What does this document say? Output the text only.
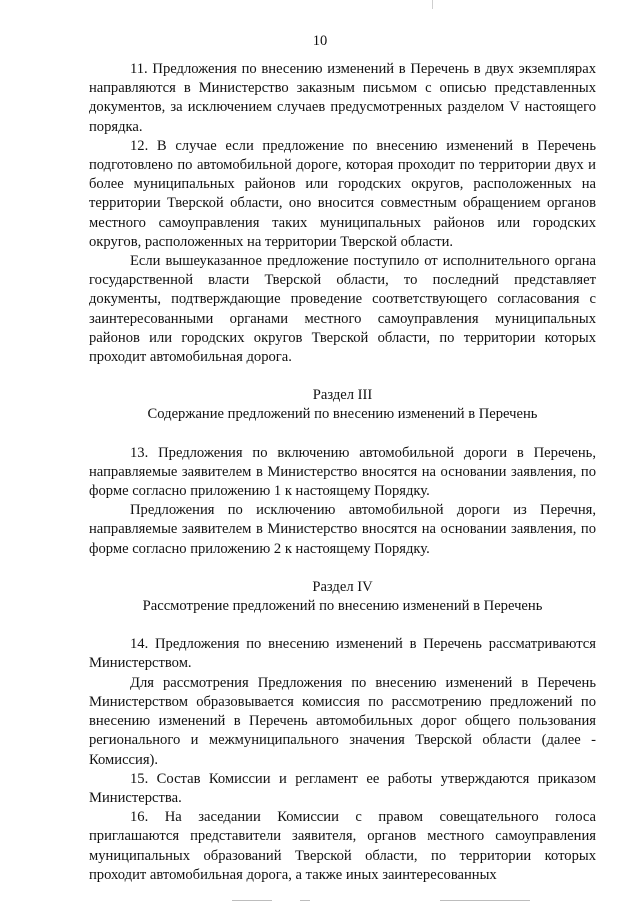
10

11. Предложения по внесению изменений в Перечень в двух экземплярах направляются в Министерство заказным письмом с описью представленных документов, за исключением случаев предусмотренных разделом V настоящего порядка.

12. В случае если предложение по внесению изменений в Перечень подготовлено по автомобильной дороге, которая проходит по территории двух и более муниципальных районов или городских округов, расположенных на территории Тверской области, оно вносится совместным обращением органов местного самоуправления таких муниципальных районов или городских округов, расположенных на территории Тверской области.

Если вышеуказанное предложение поступило от исполнительного органа государственной власти Тверской области, то последний представляет документы, подтверждающие проведение соответствующего согласования с заинтересованными органами местного самоуправления муниципальных районов или городских округов Тверской области, по территории которых проходит автомобильная дорога.

Раздел III

Содержание предложений по внесению изменений в Перечень

13. Предложения по включению автомобильной дороги в Перечень, направляемые заявителем в Министерство вносятся на основании заявления, по форме согласно приложению 1 к настоящему Порядку.

Предложения по исключению автомобильной дороги из Перечня, направляемые заявителем в Министерство вносятся на основании заявления, по форме согласно приложению 2 к настоящему Порядку.

Раздел IV

Рассмотрение предложений по внесению изменений в Перечень

14. Предложения по внесению изменений в Перечень рассматриваются Министерством.

Для рассмотрения Предложения по внесению изменений в Перечень Министерством образовывается комиссия по рассмотрению предложений по внесению изменений в Перечень автомобильных дорог общего пользования регионального и межмуниципального значения Тверской области (далее - Комиссия).

15. Состав Комиссии и регламент ее работы утверждаются приказом Министерства.

16. На заседании Комиссии с правом совещательного голоса приглашаются представители заявителя, органов местного самоуправления муниципальных образований Тверской области, по территории которых проходит автомобильная дорога, а также иных заинтересованных
